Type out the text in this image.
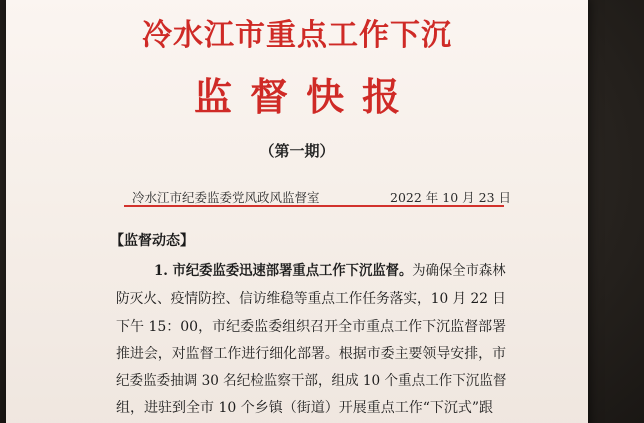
冷水江市重点工作下沉
监督快报
（第一期）
冷水江市纪委监委党风政风监督室	2022 年 10 月 23 日
【监督动态】
1. 市纪委监委迅速部署重点工作下沉监督。为确保全市森林
防灭火、疫情防控、信访维稳等重点工作任务落实，10 月 22 日
下午 15：00，市纪委监委组织召开全市重点工作下沉监督部署
推进会，对监督工作进行细化部署。根据市委主要领导安排，市
纪委监委抽调 30 名纪检监察干部，组成 10 个重点工作下沉监督
组，进驻到全市 10 个乡镇（街道）开展重点工作“下沉式”跟
